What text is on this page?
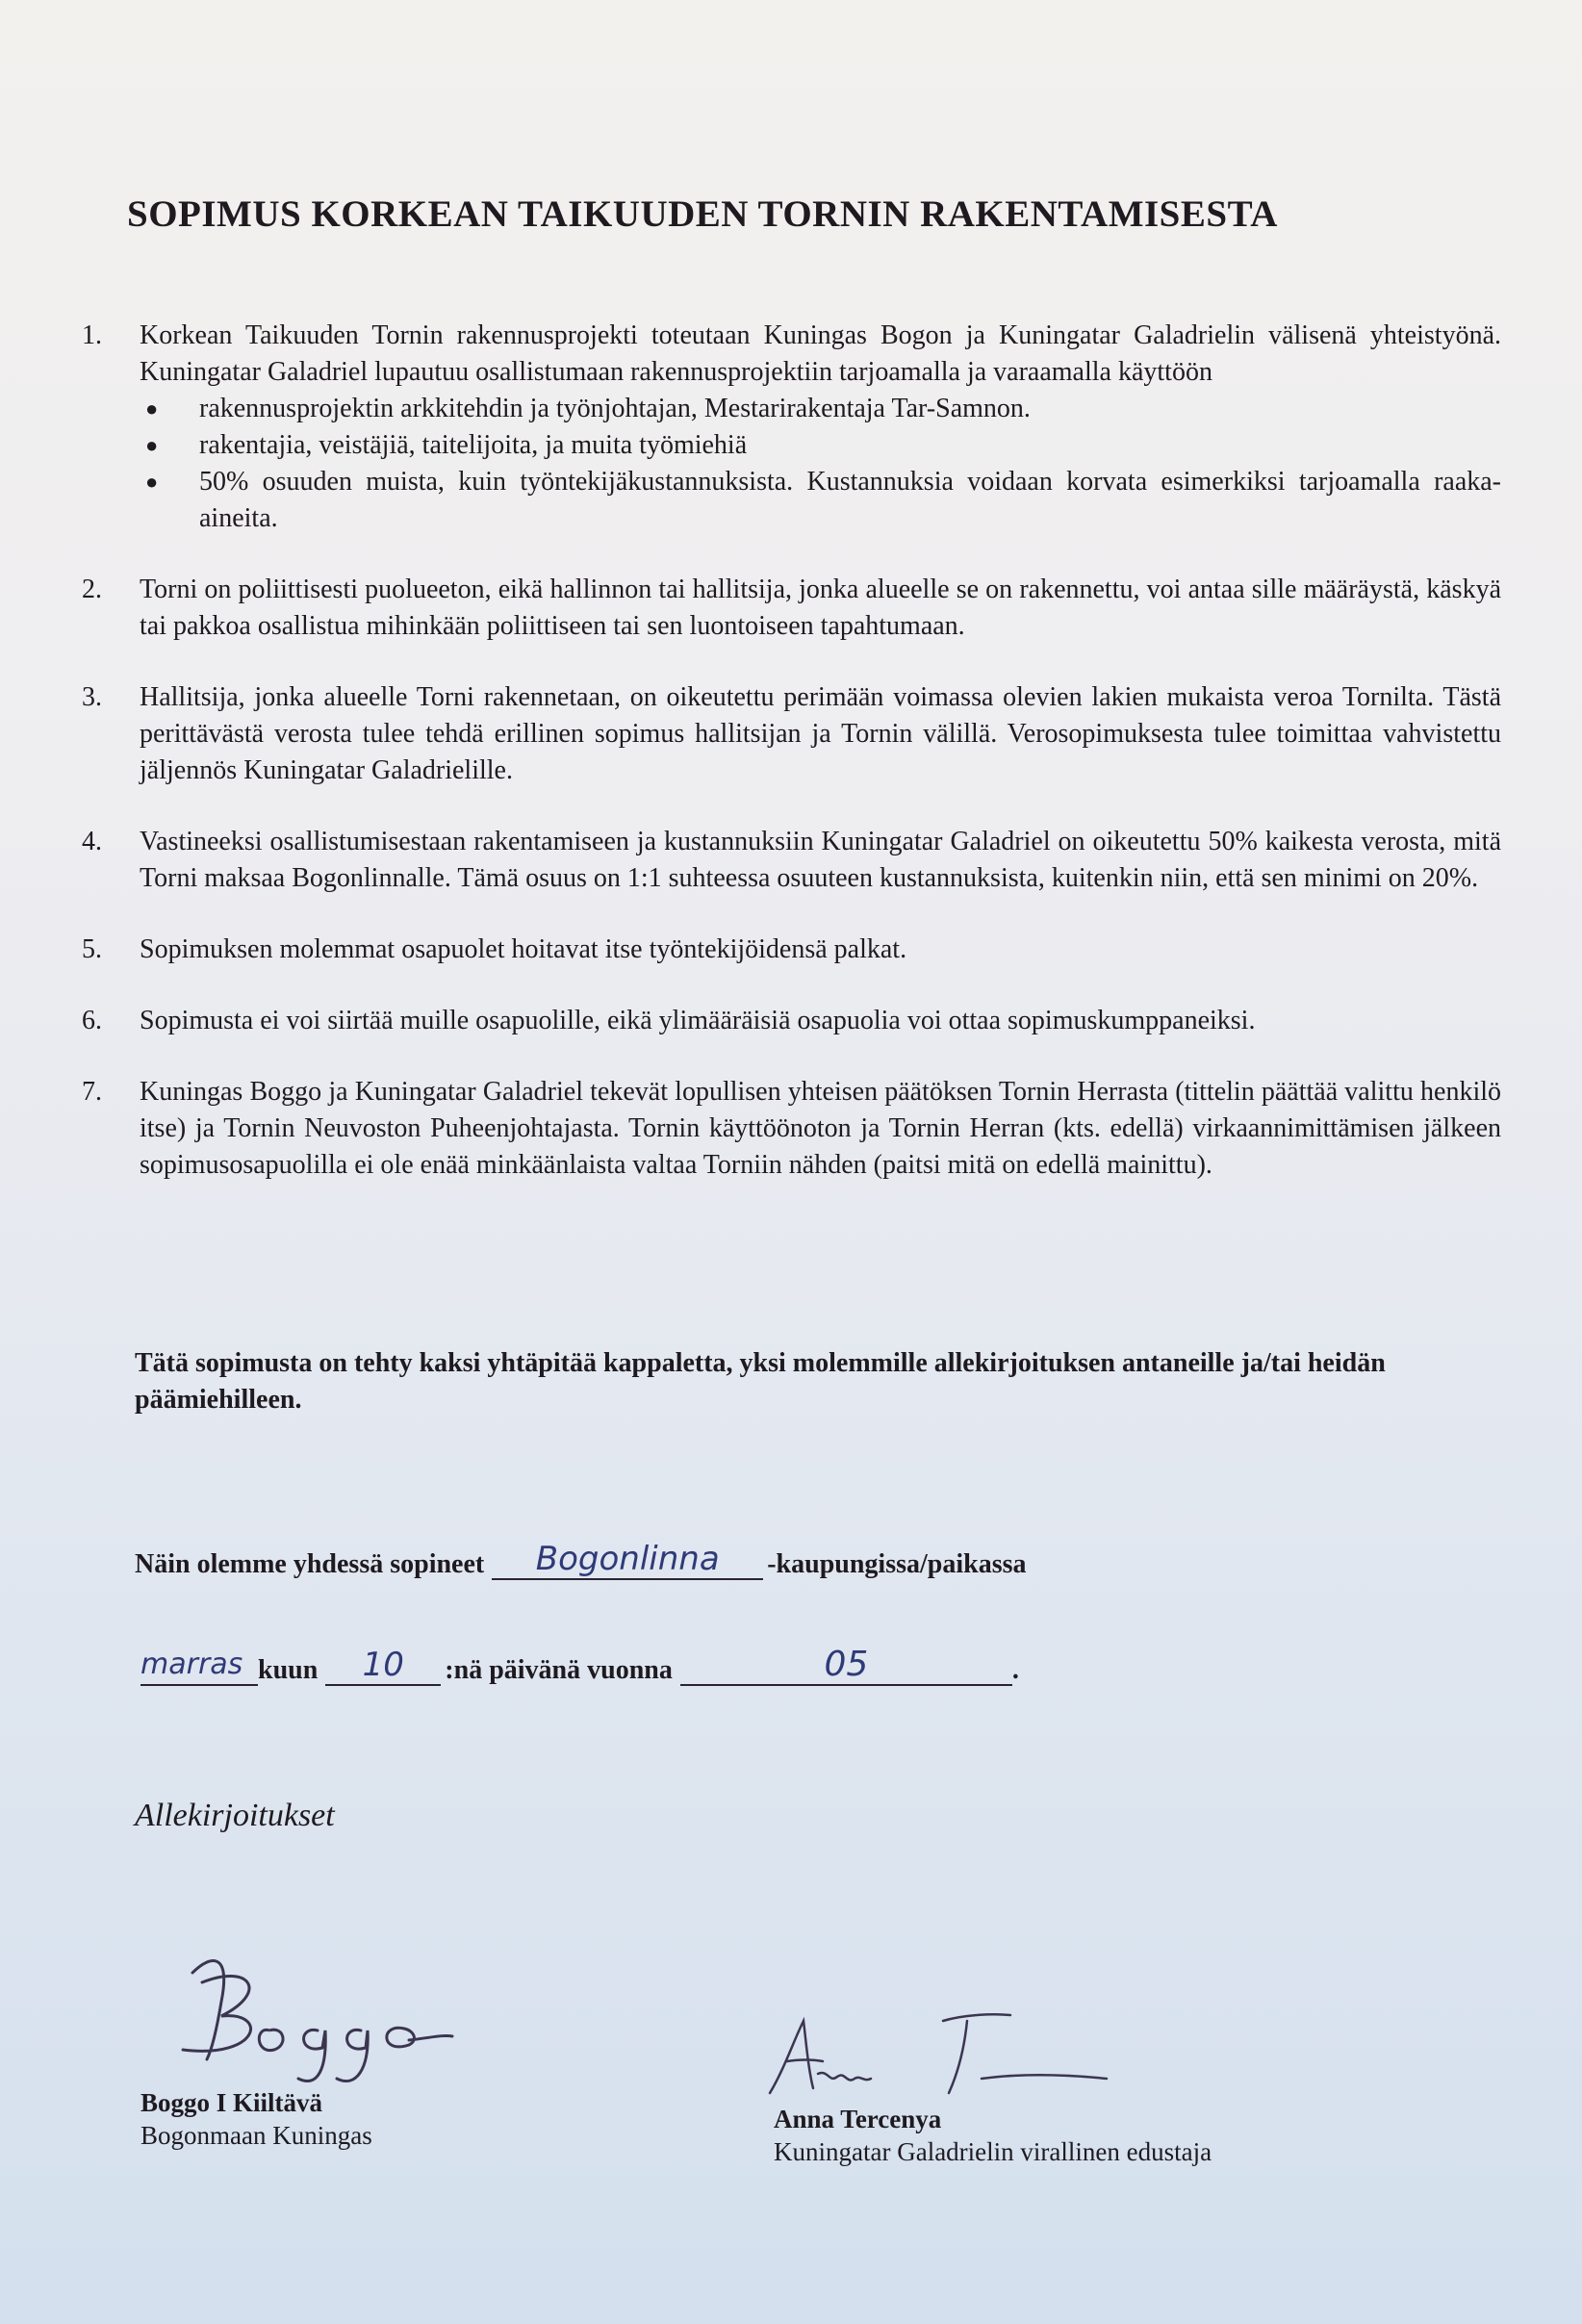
SOPIMUS KORKEAN TAIKUUDEN TORNIN RAKENTAMISESTA
1.	Korkean Taikuuden Tornin rakennusprojekti toteutaan Kuningas Bogon ja Kuningatar Galadrielin välisenä yhteistyönä. Kuningatar Galadriel lupautuu osallistumaan rakennusprojektiin tarjoamalla ja varaamalla käyttöön
●	rakennusprojektin arkkitehdin ja työnjohtajan, Mestarirakentaja Tar-Samnon.
●	rakentajia, veistäjiä, taitelijoita, ja muita työmiehiä
●	50% osuuden muista, kuin työntekijäkustannuksista. Kustannuksia voidaan korvata esimerkiksi tarjoamalla raaka-aineita.
2.	Torni on poliittisesti puolueeton, eikä hallinnon tai hallitsija, jonka alueelle se on rakennettu, voi antaa sille määräystä, käskyä tai pakkoa osallistua mihinkään poliittiseen tai sen luontoiseen tapahtumaan.
3.	Hallitsija, jonka alueelle Torni rakennetaan, on oikeutettu perimään voimassa olevien lakien mukaista veroa Tornilta. Tästä perittävästä verosta tulee tehdä erillinen sopimus hallitsijan ja Tornin välillä. Verosopimuksesta tulee toimittaa vahvistettu jäljennös Kuningatar Galadrielille.
4.	Vastineeksi osallistumisestaan rakentamiseen ja kustannuksiin Kuningatar Galadriel on oikeutettu 50% kaikesta verosta, mitä Torni maksaa Bogonlinnalle. Tämä osuus on 1:1 suhteessa osuuteen kustannuksista, kuitenkin niin, että sen minimi on 20%.
5.	Sopimuksen molemmat osapuolet hoitavat itse työntekijöidensä palkat.
6.	Sopimusta ei voi siirtää muille osapuolille, eikä ylimääräisiä osapuolia voi ottaa sopimuskumppaneiksi.
7.	Kuningas Boggo ja Kuningatar Galadriel tekevät lopullisen yhteisen päätöksen Tornin Herrasta (tittelin päättää valittu henkilö itse) ja Tornin Neuvoston Puheenjohtajasta. Tornin käyttöönoton ja Tornin Herran (kts. edellä) virkaannimittämisen jälkeen sopimusosapuolilla ei ole enää minkäänlaista valtaa Torniin nähden (paitsi mitä on edellä mainittu).
Tätä sopimusta on tehty kaksi yhtäpitää kappaletta, yksi molemmille allekirjoituksen antaneille ja/tai heidän päämiehilleen.
Näin olemme yhdessä sopineet	Bogonlinna	-kaupungissa/paikassa
marras kuun	10	:nä päivänä vuonna	05	.
Allekirjoitukset
Boggo I Kiiltävä
Bogonmaan Kuningas
Anna Tercenya
Kuningatar Galadrielin virallinen edustaja
